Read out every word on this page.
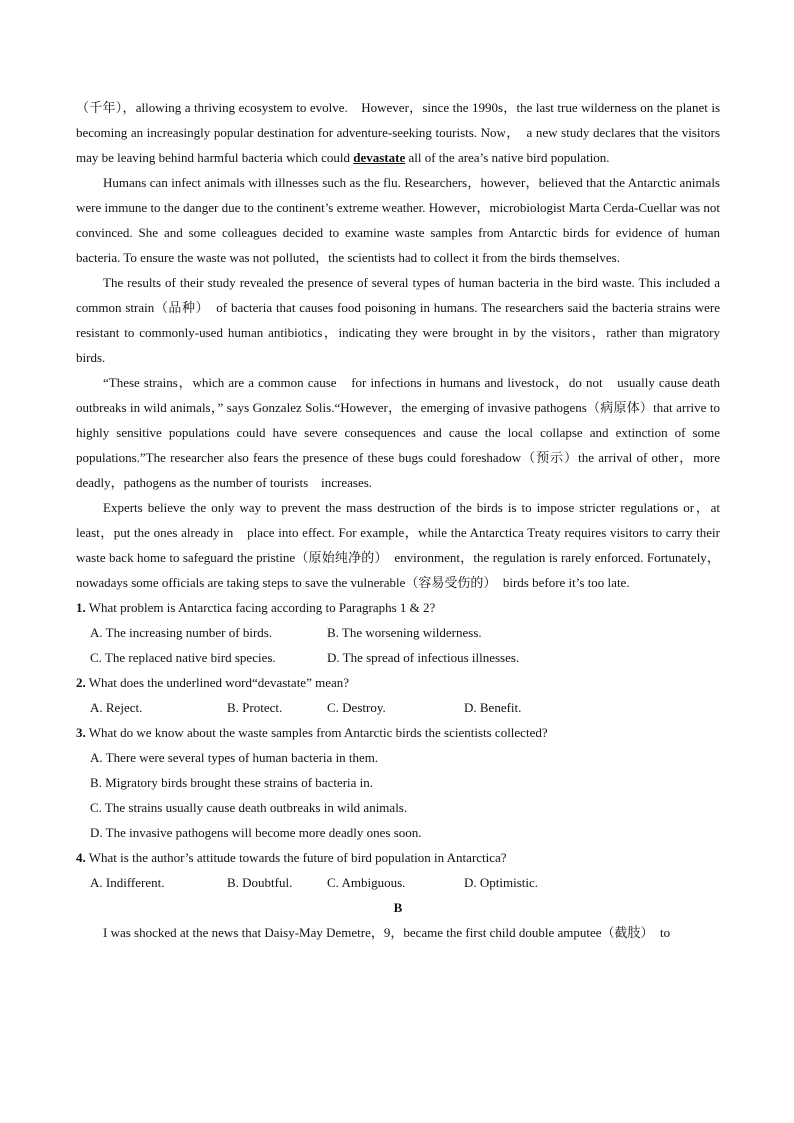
（千年），allowing a thriving ecosystem to evolve.　However，since the 1990s，the last true wilderness on the planet is becoming an increasingly popular destination for adventure-seeking tourists. Now，　a new study declares that the visitors may be leaving behind harmful bacteria which could devastate all of the area’s native bird population.

Humans can infect animals with illnesses such as the flu. Researchers，however，believed that the Antarctic animals were immune to the danger due to the continent’s extreme weather. However，microbiologist Marta Cerda-Cuellar was not convinced. She and some colleagues decided to examine waste samples from Antarctic birds for evidence of human bacteria. To ensure the waste was not polluted，the scientists had to collect it from the birds themselves.

The results of their study revealed the presence of several types of human bacteria in the bird waste. This included a common strain（品种）　of bacteria that causes food poisoning in humans. The researchers said the bacteria strains were resistant to commonly-used human antibiotics，indicating they were brought in by the visitors，rather than migratory birds.

“These strains，which are a common cause　for infections in humans and livestock，do not　usually cause death outbreaks in wild animals，” says Gonzalez Solis.“However，the emerging of invasive pathogens（病原体）that arrive to highly sensitive populations could have severe consequences and cause the local collapse and extinction of some populations.”The researcher also fears the presence of these bugs could foreshadow（预示）the arrival of other，more deadly，pathogens as the number of tourists　increases.

Experts believe the only way to prevent the mass destruction of the birds is to impose stricter regulations or，at least，put the ones already in　place into effect. For example，while the Antarctica Treaty requires visitors to carry their waste back home to safeguard the pristine（原始纯净的）　environment，the regulation is rarely enforced. Fortunately，nowadays some officials are taking steps to save the vulnerable（容易受伤的）　birds before it’s too late.

1. What problem is Antarctica facing according to Paragraphs 1 & 2?
A. The increasing number of birds.	B. The worsening wilderness.
C. The replaced native bird species.	D. The spread of infectious illnesses.
2. What does the underlined word“devastate” mean?
A. Reject.	B. Protect.	C. Destroy.	D. Benefit.
3. What do we know about the waste samples from Antarctic birds the scientists collected?
A. There were several types of human bacteria in them.
B. Migratory birds brought these strains of bacteria in.
C. The strains usually cause death outbreaks in wild animals.
D. The invasive pathogens will become more deadly ones soon.
4. What is the author’s attitude towards the future of bird population in Antarctica?
A. Indifferent.	B. Doubtful.	C. Ambiguous.	D. Optimistic.
B

I was shocked at the news that Daisy-May Demetre，9，became the first child double amputee（截肢）　to
